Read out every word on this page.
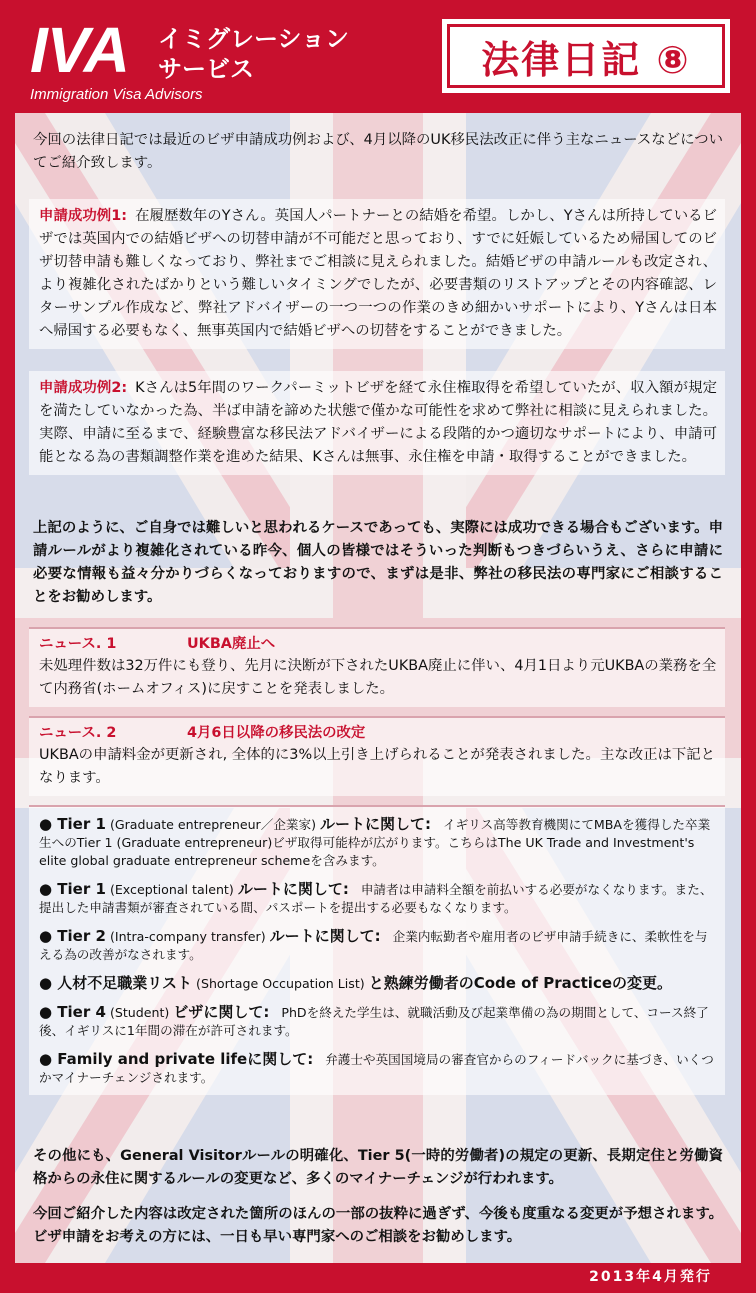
IVA イミグレーション
サービス
Immigration Visa Advisors
法律日記 ⑧
今回の法律日記では最近のビザ申請成功例および、4月以降のUK移民法改正に伴う主なニュースなどについてご紹介致します。
申請成功例1: 在履歴数年のYさん。英国人パートナーとの結婚を希望。しかし、Yさんは所持しているビザでは英国内での結婚ビザへの切替申請が不可能だと思っており、すでに妊娠しているため帰国してのビザ切替申請も難しくなっており、弊社までご相談に見えられました。結婚ビザの申請ルールも改定され、より複雑化されたばかりという難しいタイミングでしたが、必要書類のリストアップとその内容確認、レターサンプル作成など、弊社アドバイザーの一つ一つの作業のきめ細かいサポートにより、Yさんは日本へ帰国する必要もなく、無事英国内で結婚ビザへの切替をすることができました。
申請成功例2: Kさんは5年間のワークパーミットビザを経て永住権取得を希望していたが、収入額が規定を満たしていなかった為、半ば申請を諦めた状態で僅かな可能性を求めて弊社に相談に見えられました。実際、申請に至るまで、経験豊富な移民法アドバイザーによる段階的かつ適切なサポートにより、申請可能となる為の書類調整作業を進めた結果、Kさんは無事、永住権を申請・取得することができました。
上記のように、ご自身では難しいと思われるケースであっても、実際には成功できる場合もございます。申請ルールがより複雑化されている昨今、個人の皆様ではそういった判断もつきづらいうえ、さらに申請に必要な情報も益々分かりづらくなっておりますので、まずは是非、弊社の移民法の専門家にご相談することをお勧めします。
ニュース. 1	UKBA廃止へ
未処理件数は32万件にも登り、先月に決断が下されたUKBA廃止に伴い、4月1日より元UKBAの業務を全て内務省(ホームオフィス)に戻すことを発表しました。
ニュース. 2	4月6日以降の移民法の改定
UKBAの申請料金が更新され, 全体的に3%以上引き上げられることが発表されました。主な改正は下記となります。
● Tier 1 (Graduate entrepreneur／企業家) ルートに関して: イギリス高等教育機関にてMBAを獲得した卒業生へのTier 1 (Graduate entrepreneur)ビザ取得可能枠が広がります。こちらはThe UK Trade and Investment's elite global graduate entrepreneur schemeを含みます。
● Tier 1 (Exceptional talent) ルートに関して: 申請者は申請料全額を前払いする必要がなくなります。また、提出した申請書類が審査されている間、パスポートを提出する必要もなくなります。
● Tier 2 (Intra-company transfer) ルートに関して: 企業内転勤者や雇用者のビザ申請手続きに、柔軟性を与える為の改善がなされます。
● 人材不足職業リスト (Shortage Occupation List) と熟練労働者のCode of Practiceの変更。
● Tier 4 (Student) ビザに関して: PhDを終えた学生は、就職活動及び起業準備の為の期間として、コース終了後、イギリスに1年間の滞在が許可されます。
● Family and private lifeに関して: 弁護士や英国国境局の審査官からのフィードバックに基づき、いくつかマイナーチェンジされます。
その他にも、General Visitorルールの明確化、Tier 5(一時的労働者)の規定の更新、長期定住と労働資格からの永住に関するルールの変更など、多くのマイナーチェンジが行われます。
今回ご紹介した内容は改定された箇所のほんの一部の抜粋に過ぎず、今後も度重なる変更が予想されます。ビザ申請をお考えの方には、一日も早い専門家へのご相談をお勧めします。
2013年4月発行
